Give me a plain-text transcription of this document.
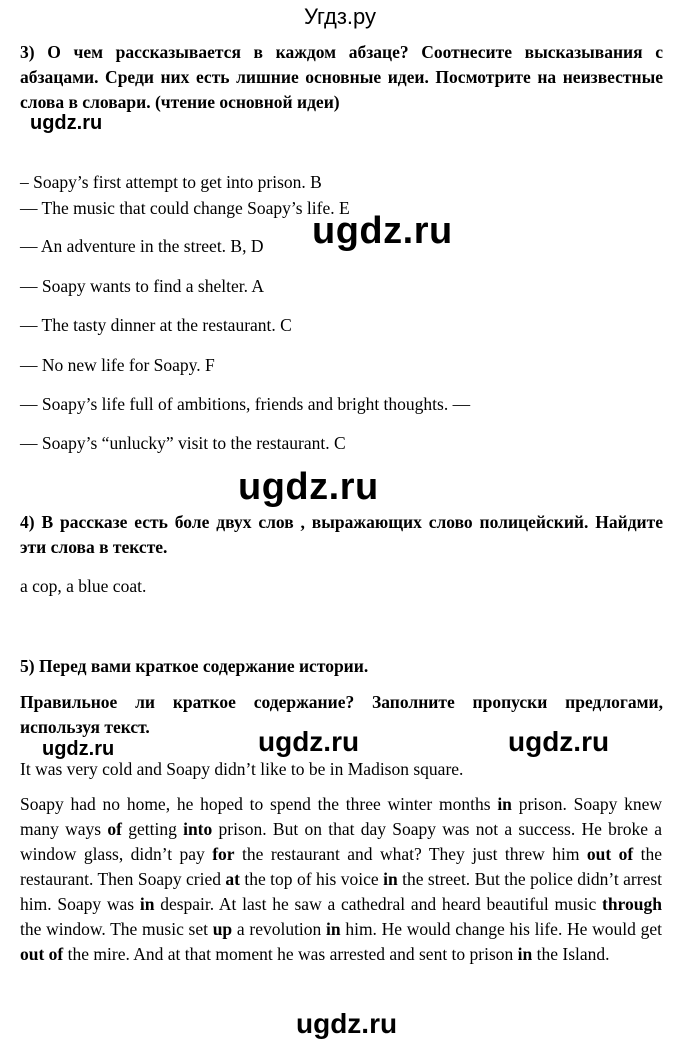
Угдз.ру
3) О чем рассказывается в каждом абзаце? Соотнесите высказывания с абзацами. Среди них есть лишние основные идеи. Посмотрите на неизвестные слова в словари. (чтение основной идеи)
ugdz.ru
– Soapy’s first attempt to get into prison. B
— The music that could change Soapy’s life. E
ugdz.ru
— An adventure in the street. B, D
— Soapy wants to find a shelter. A
— The tasty dinner at the restaurant. C
— No new life for Soapy. F
— Soapy’s life full of ambitions, friends and bright thoughts. —
— Soapy’s “unlucky” visit to the restaurant. C
ugdz.ru
4) В рассказе есть боле двух слов , выражающих слово полицейский. Найдите эти слова в тексте.
a cop, a blue coat.
5) Перед вами краткое содержание истории.
Правильное ли краткое содержание? Заполните пропуски предлогами, используя текст.
ugdz.ru	ugdz.ru	ugdz.ru
It was very cold and Soapy didn’t like to be in Madison square.
Soapy had no home, he hoped to spend the three winter months in prison. Soapy knew many ways of getting into prison. But on that day Soapy was not a success. He broke a window glass, didn’t pay for the restaurant and what? They just threw him out of the restaurant. Then Soapy cried at the top of his voice in the street. But the police didn’t arrest him. Soapy was in despair. At last he saw a cathedral and heard beautiful music through the window. The music set up a revolution in him. He would change his life. He would get out of the mire. And at that moment he was arrested and sent to prison in the Island.
ugdz.ru
